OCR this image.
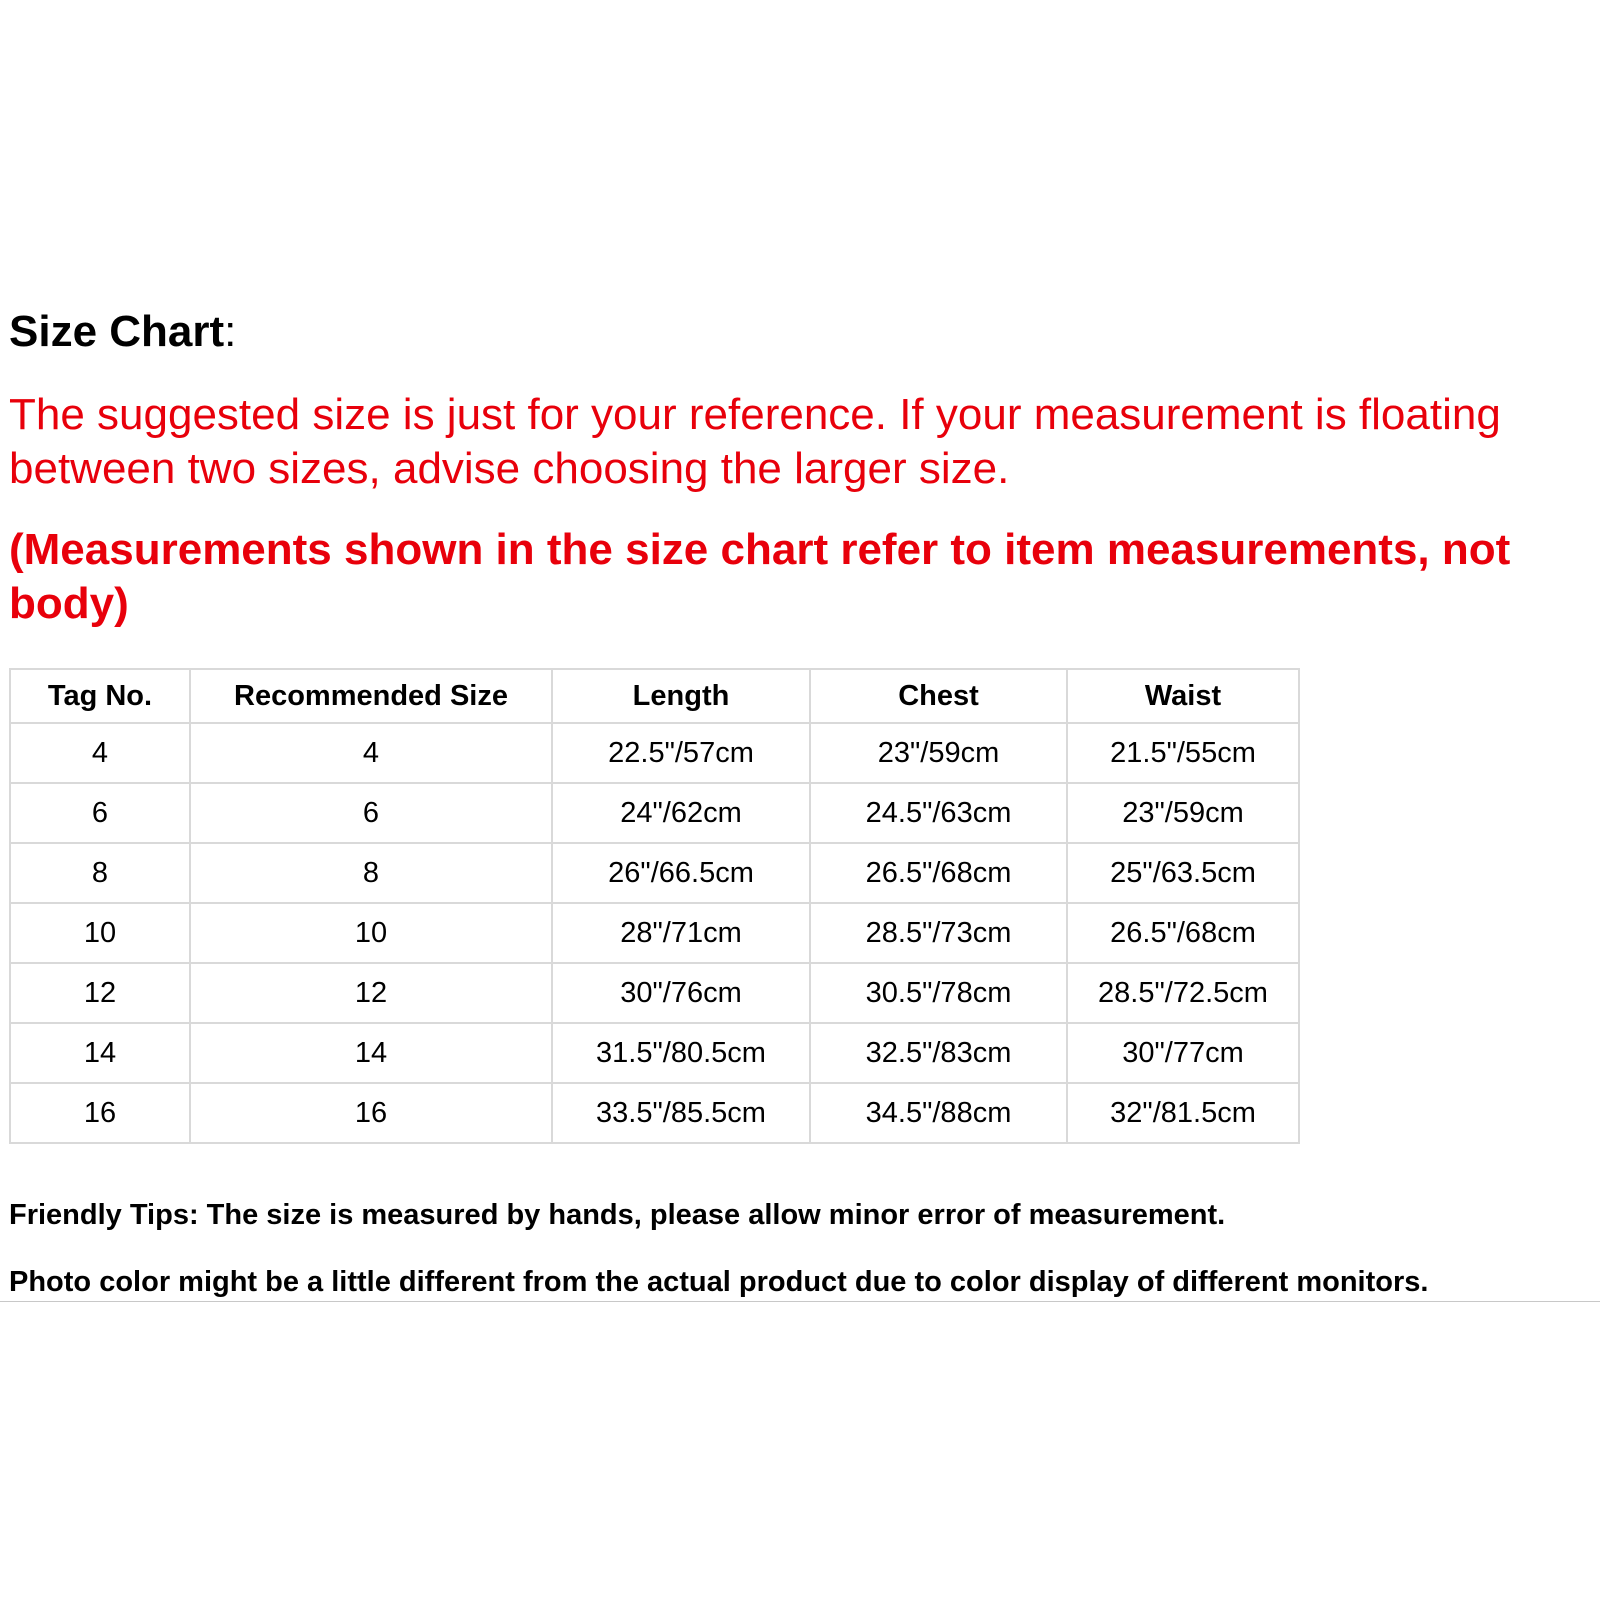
Size Chart:

The suggested size is just for your reference. If your measurement is floating
between two sizes, advise choosing the larger size.

(Measurements shown in the size chart refer to item measurements, not
body)

Tag No.	Recommended Size	Length	Chest	Waist
4	4	22.5"/57cm	23"/59cm	21.5"/55cm
6	6	24"/62cm	24.5"/63cm	23"/59cm
8	8	26"/66.5cm	26.5"/68cm	25"/63.5cm
10	10	28"/71cm	28.5"/73cm	26.5"/68cm
12	12	30"/76cm	30.5"/78cm	28.5"/72.5cm
14	14	31.5"/80.5cm	32.5"/83cm	30"/77cm
16	16	33.5"/85.5cm	34.5"/88cm	32"/81.5cm

Friendly Tips: The size is measured by hands, please allow minor error of measurement.

Photo color might be a little different from the actual product due to color display of different monitors.
